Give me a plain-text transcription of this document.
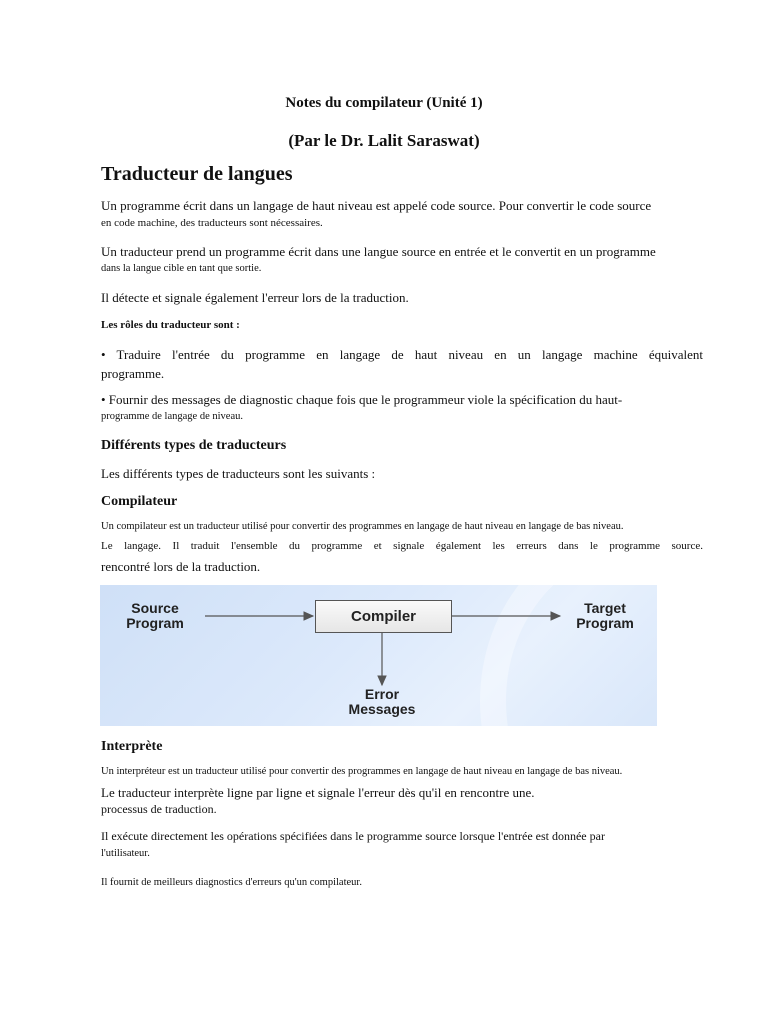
Notes du compilateur (Unité 1)
(Par le Dr. Lalit Saraswat)
Traducteur de langues
Un programme écrit dans un langage de haut niveau est appelé code source. Pour convertir le code source
en code machine, des traducteurs sont nécessaires.
Un traducteur prend un programme écrit dans une langue source en entrée et le convertit en un programme
dans la langue cible en tant que sortie.
Il détecte et signale également l'erreur lors de la traduction.
Les rôles du traducteur sont :
• Traduire l'entrée du programme en langage de haut niveau en un langage machine équivalent
programme.
• Fournir des messages de diagnostic chaque fois que le programmeur viole la spécification du haut-
programme de langage de niveau.
Différents types de traducteurs
Les différents types de traducteurs sont les suivants :
Compilateur
Un compilateur est un traducteur utilisé pour convertir des programmes en langage de haut niveau en langage de bas niveau.
Le langage. Il traduit l'ensemble du programme et signale également les erreurs dans le programme source.
rencontré lors de la traduction.
Source
Program	Compiler	Target
Program
Error
Messages
Interprète
Un interpréteur est un traducteur utilisé pour convertir des programmes en langage de haut niveau en langage de bas niveau.
Le traducteur interprète ligne par ligne et signale l'erreur dès qu'il en rencontre une.
processus de traduction.
Il exécute directement les opérations spécifiées dans le programme source lorsque l'entrée est donnée par
l'utilisateur.
Il fournit de meilleurs diagnostics d'erreurs qu'un compilateur.
